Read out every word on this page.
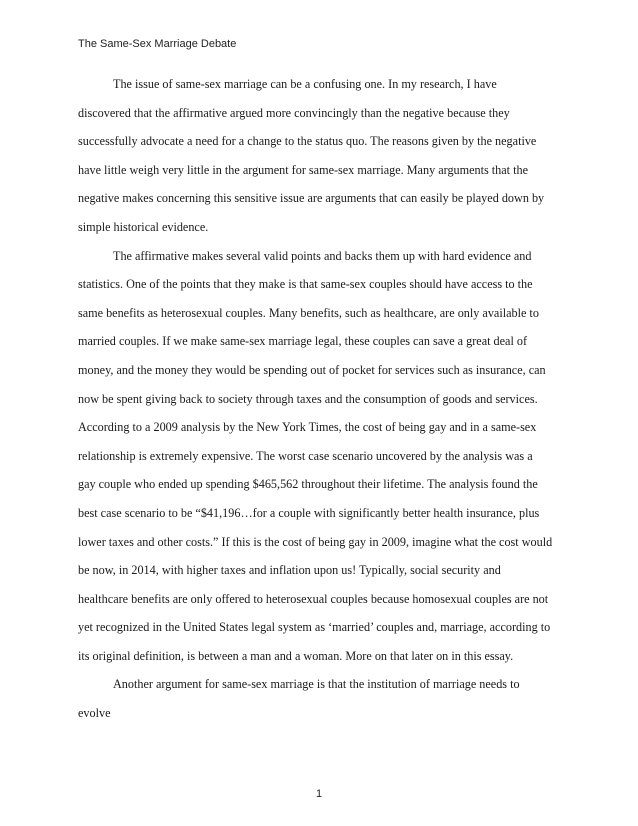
The Same-Sex Marriage Debate
The issue of same-sex marriage can be a confusing one. In my research, I have
discovered that the affirmative argued more convincingly than the negative because they
successfully advocate a need for a change to the status quo. The reasons given by the negative
have little weigh very little in the argument for same-sex marriage. Many arguments that the
negative makes concerning this sensitive issue are arguments that can easily be played down by
simple historical evidence.
The affirmative makes several valid points and backs them up with hard evidence and
statistics. One of the points that they make is that same-sex couples should have access to the
same benefits as heterosexual couples. Many benefits, such as healthcare, are only available to
married couples. If we make same-sex marriage legal, these couples can save a great deal of
money, and the money they would be spending out of pocket for services such as insurance, can
now be spent giving back to society through taxes and the consumption of goods and services.
According to a 2009 analysis by the New York Times, the cost of being gay and in a same-sex
relationship is extremely expensive. The worst case scenario uncovered by the analysis was a
gay couple who ended up spending $465,562 throughout their lifetime. The analysis found the
best case scenario to be “$41,196…for a couple with significantly better health insurance, plus
lower taxes and other costs.” If this is the cost of being gay in 2009, imagine what the cost would
be now, in 2014, with higher taxes and inflation upon us! Typically, social security and
healthcare benefits are only offered to heterosexual couples because homosexual couples are not
yet recognized in the United States legal system as ‘married’ couples and, marriage, according to
its original definition, is between a man and a woman. More on that later on in this essay.
Another argument for same-sex marriage is that the institution of marriage needs to
evolve
1
